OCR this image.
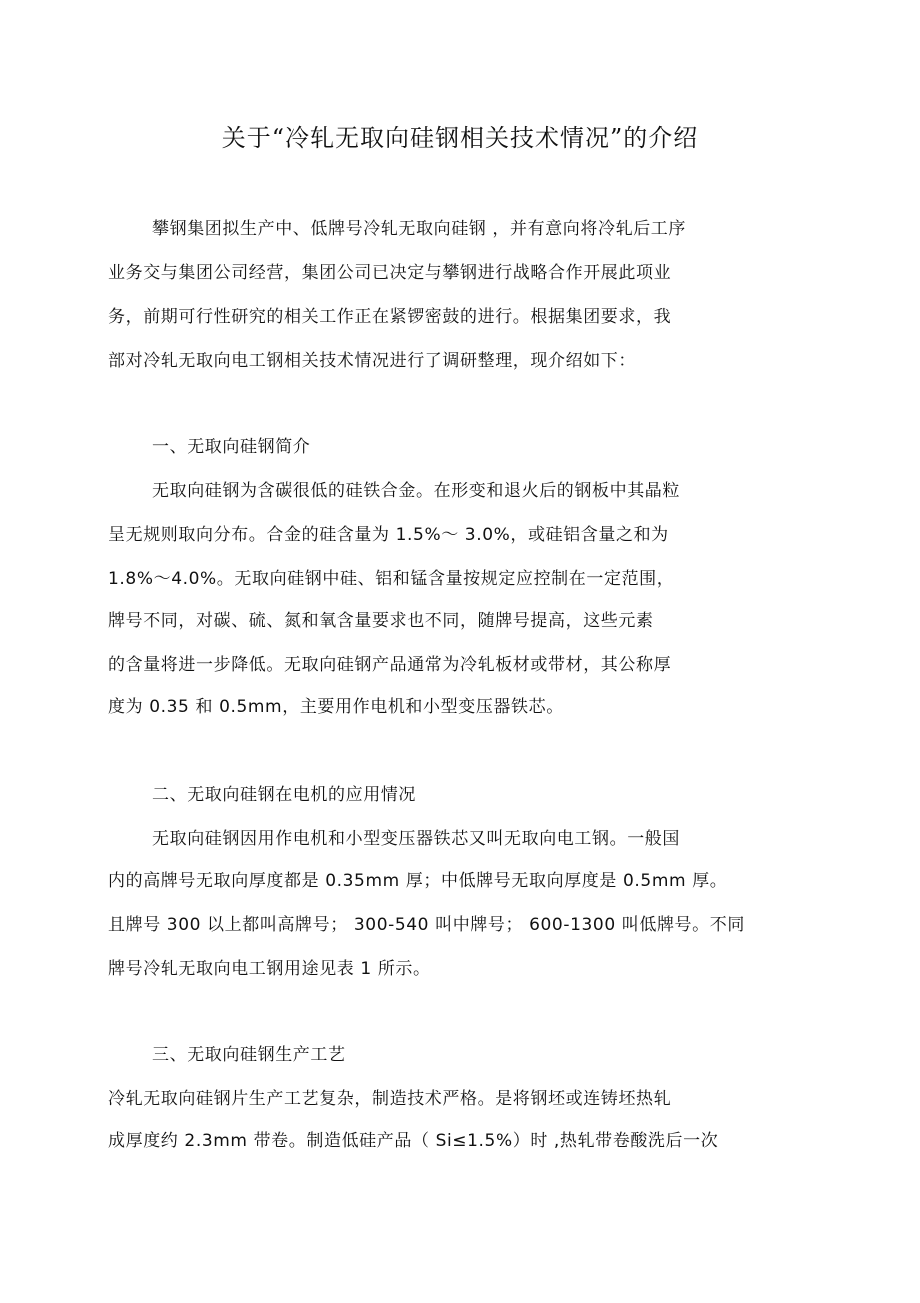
关于“冷轧无取向硅钢相关技术情况”的介绍
攀钢集团拟生产中、低牌号冷轧无取向硅钢 ，并有意向将冷轧后工序
业务交与集团公司经营，集团公司已决定与攀钢进行战略合作开展此项业
务，前期可行性研究的相关工作正在紧锣密鼓的进行。根据集团要求，我
部对冷轧无取向电工钢相关技术情况进行了调研整理，现介绍如下：
一、无取向硅钢简介
无取向硅钢为含碳很低的硅铁合金。在形变和退火后的钢板中其晶粒
呈无规则取向分布。合金的硅含量为 1.5%～ 3.0%，或硅铝含量之和为
1.8%～4.0%。无取向硅钢中硅、铝和锰含量按规定应控制在一定范围，
牌号不同，对碳、硫、氮和氧含量要求也不同，随牌号提高，这些元素
的含量将进一步降低。无取向硅钢产品通常为冷轧板材或带材，其公称厚
度为 0.35 和 0.5mm，主要用作电机和小型变压器铁芯。
二、无取向硅钢在电机的应用情况
无取向硅钢因用作电机和小型变压器铁芯又叫无取向电工钢。一般国
内的高牌号无取向厚度都是 0.35mm 厚；中低牌号无取向厚度是 0.5mm 厚。
且牌号 300 以上都叫高牌号； 300-540 叫中牌号； 600-1300 叫低牌号。不同
牌号冷轧无取向电工钢用途见表 1 所示。
三、无取向硅钢生产工艺
冷轧无取向硅钢片生产工艺复杂，制造技术严格。是将钢坯或连铸坯热轧
成厚度约 2.3mm 带卷。制造低硅产品（ Si≤1.5%）时 ,热轧带卷酸洗后一次
